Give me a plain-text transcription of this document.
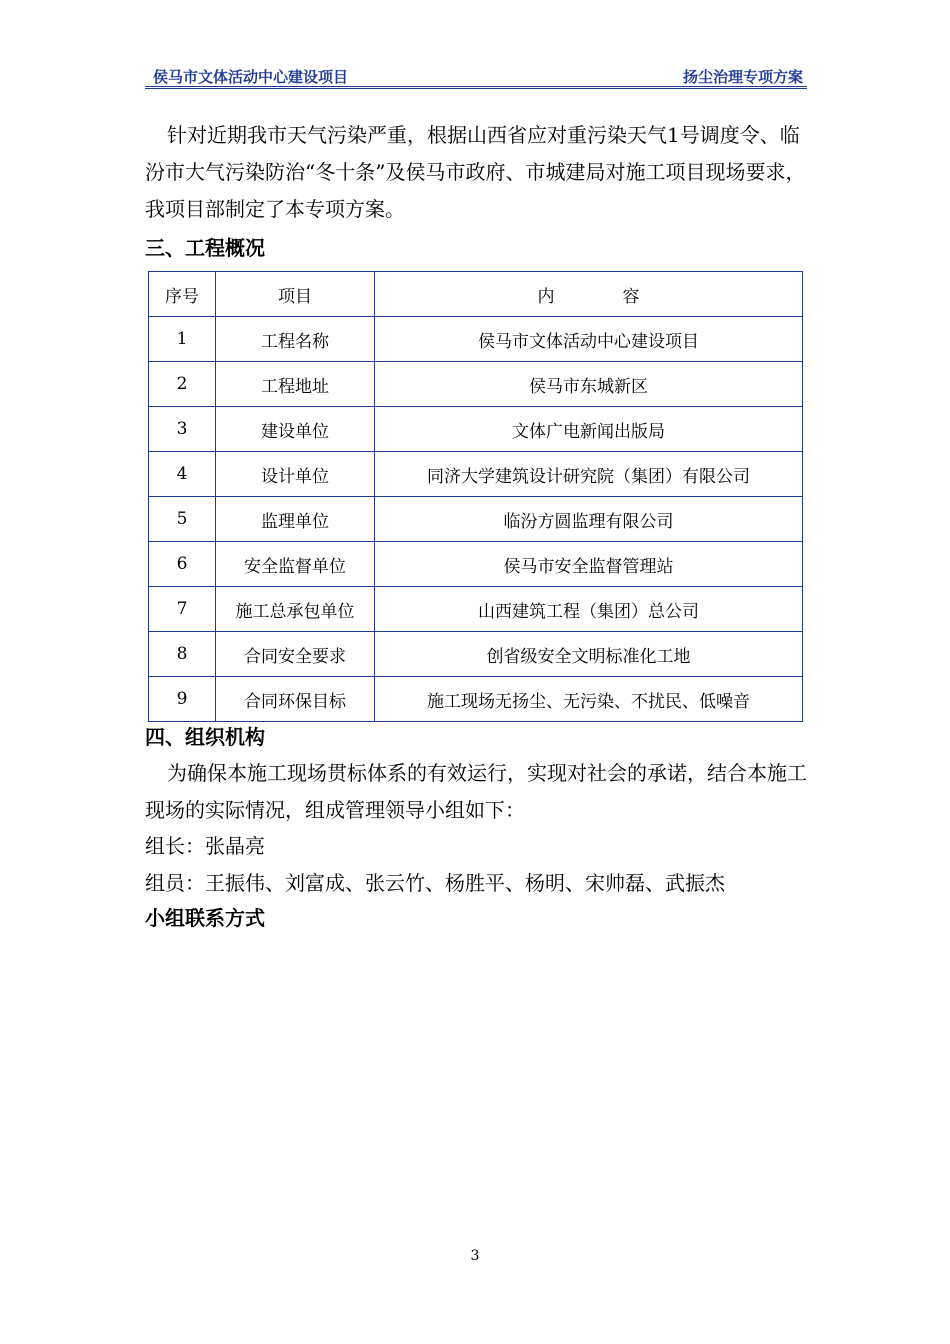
侯马市文体活动中心建设项目	扬尘治理专项方案

针对近期我市天气污染严重，根据山西省应对重污染天气1号调度令、临汾市大气污染防治“冬十条”及侯马市政府、市城建局对施工项目现场要求，我项目部制定了本专项方案。

三、工程概况
序号	项目	内　　　　容
1	工程名称	侯马市文体活动中心建设项目
2	工程地址	侯马市东城新区
3	建设单位	文体广电新闻出版局
4	设计单位	同济大学建筑设计研究院（集团）有限公司
5	监理单位	临汾方圆监理有限公司
6	安全监督单位	侯马市安全监督管理站
7	施工总承包单位	山西建筑工程（集团）总公司
8	合同安全要求	创省级安全文明标准化工地
9	合同环保目标	施工现场无扬尘、无污染、不扰民、低噪音
四、组织机构

为确保本施工现场贯标体系的有效运行，实现对社会的承诺，结合本施工现场的实际情况，组成管理领导小组如下：

组长：张晶亮

组员：王振伟、刘富成、张云竹、杨胜平、杨明、宋帅磊、武振杰

小组联系方式
3
